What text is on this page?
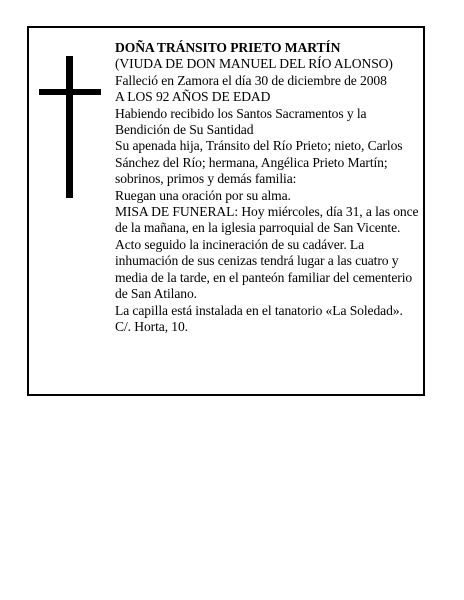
DOÑA TRÁNSITO PRIETO MARTÍN

(VIUDA DE DON MANUEL DEL RÍO ALONSO)

Falleció en Zamora el día 30 de diciembre de 2008

A LOS 92 AÑOS DE EDAD

Habiendo recibido los Santos Sacramentos y la Bendición de Su Santidad

Su apenada hija, Tránsito del Río Prieto; nieto, Carlos Sánchez del Río; hermana, Angélica Prieto Martín; sobrinos, primos y demás familia:

Ruegan una oración por su alma.

MISA DE FUNERAL: Hoy miércoles, día 31, a las once de la mañana, en la iglesia parroquial de San Vicente. Acto seguido la incineración de su cadáver. La inhumación de sus cenizas tendrá lugar a las cuatro y media de la tarde, en el panteón familiar del cementerio de San Atilano.

La capilla está instalada en el tanatorio «La Soledad». C/. Horta, 10.
